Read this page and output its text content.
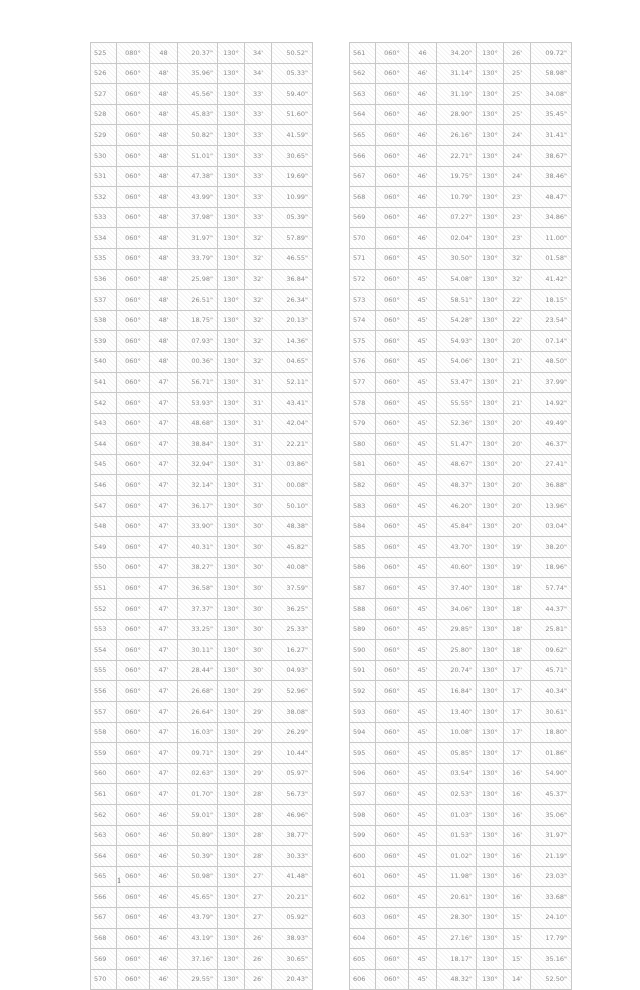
525	080°	48	20.37"	130°	34'	50.52"
526	060°	48'	35.96"	130°	34'	05.33"
527	060°	48'	45.56"	130°	33'	59.40"
528	060°	48'	45.83"	130°	33'	51.60"
529	060°	48'	50.82"	130°	33'	41.59"
530	060°	48'	51.01"	130°	33'	30.65"
531	060°	48'	47.38"	130°	33'	19.69"
532	060°	48'	43.99"	130°	33'	10.99"
533	060°	48'	37.98"	130°	33'	05.39"
534	060°	48'	31.97"	130°	32'	57.89"
535	060°	48'	33.79"	130°	32'	46.55"
536	060°	48'	25.98"	130°	32'	36.84"
537	060°	48'	26.51"	130°	32'	26.34"
538	060°	48'	18.75"	130°	32'	20.13"
539	060°	48'	07.93"	130°	32'	14.36"
540	060°	48'	00.36"	130°	32'	04.65"
541	060°	47'	56.71"	130°	31'	52.11"
542	060°	47'	53.93"	130°	31'	43.41"
543	060°	47'	48.68"	130°	31'	42.04"
544	060°	47'	38.84"	130°	31'	22.21"
545	060°	47'	32.94"	130°	31'	03.86"
546	060°	47'	32.14"	130°	31'	00.08"
547	060°	47'	36.17"	130°	30'	50.10"
548	060°	47'	33.90"	130°	30'	48.38"
549	060°	47'	40.31"	130°	30'	45.82"
550	060°	47'	38.27"	130°	30'	40.08"
551	060°	47'	36.58"	130°	30'	37.59"
552	060°	47'	37.37"	130°	30'	36.25"
553	060°	47'	33.25"	130°	30'	25.33"
554	060°	47'	30.11"	130°	30'	16.27"
555	060°	47'	28.44"	130°	30'	04.93"
556	060°	47'	26.68"	130°	29'	52.96"
557	060°	47'	26.64"	130°	29'	38.08"
558	060°	47'	16.03"	130°	29'	26.29"
559	060°	47'	09.71"	130°	29'	10.44"
560	060°	47'	02.63"	130°	29'	05.97"
561	060°	47'	01.70"	130°	28'	56.73"
562	060°	46'	59.01"	130°	28'	46.96"
563	060°	46'	50.89"	130°	28'	38.77"
564	060°	46'	50.39"	130°	28'	30.33"
565	060°	46'	50.98"	130°	27'	41.48"
566	060°	46'	45.65"	130°	27'	20.21"
567	060°	46'	43.79"	130°	27'	05.92"
568	060°	46'	43.19"	130°	26'	38.93"
569	060°	46'	37.16"	130°	26'	30.65"
570	060°	46'	29.55"	130°	26'	20.43"
561	060°	46	34.20"	130°	26'	09.72"
562	060°	46'	31.14"	130°	25'	58.98"
563	060°	46'	31.19"	130°	25'	34.08"
564	060°	46'	28.90"	130°	25'	35.45"
565	060°	46'	26.16"	130°	24'	31.41"
566	060°	46'	22.71"	130°	24'	38.67"
567	060°	46'	19.75"	130°	24'	38.46"
568	060°	46'	10.79"	130°	23'	48.47"
569	060°	46'	07.27"	130°	23'	34.86"
570	060°	46'	02.04"	130°	23'	11.00"
571	060°	45'	30.50"	130°	32'	01.58"
572	060°	45'	54.08"	130°	32'	41.42"
573	060°	45'	58.51"	130°	22'	18.15"
574	060°	45'	54.28"	130°	22'	23.54"
575	060°	45'	54.93"	130°	20'	07.14"
576	060°	45'	54.06"	130°	21'	48.50"
577	060°	45'	53.47"	130°	21'	37.99"
578	060°	45'	55.55"	130°	21'	14.92"
579	060°	45'	52.36"	130°	20'	49.49"
580	060°	45'	51.47"	130°	20'	46.37"
581	060°	45'	48.67"	130°	20'	27.41"
582	060°	45'	48.37"	130°	20'	36.88"
583	060°	45'	46.20"	130°	20'	13.96"
584	060°	45'	45.84"	130°	20'	03.04"
585	060°	45'	43.70"	130°	19'	38.20"
586	060°	45'	40.60"	130°	19'	18.96"
587	060°	45'	37.40"	130°	18'	57.74"
588	060°	45'	34.06"	130°	18'	44.37"
589	060°	45'	29.85"	130°	18'	25.81"
590	060°	45'	25.80"	130°	18'	09.62"
591	060°	45'	20.74"	130°	17'	45.71"
592	060°	45'	16.84"	130°	17'	40.34"
593	060°	45'	13.40"	130°	17'	30.61"
594	060°	45'	10.08"	130°	17'	18.80"
595	060°	45'	05.85"	130°	17'	01.86"
596	060°	45'	03.54"	130°	16'	54.90"
597	060°	45'	02.53"	130°	16'	45.37"
598	060°	45'	01.03"	130°	16'	35.06"
599	060°	45'	01.53"	130°	16'	31.97"
600	060°	45'	01.02"	130°	16'	21.19"
601	060°	45'	11.98"	130°	16'	23.03"
602	060°	45'	20.61"	130°	16'	33.68"
603	060°	45'	28.30"	130°	15'	24.10"
604	060°	45'	27.16"	130°	15'	17.79"
605	060°	45'	18.17"	130°	15'	35.16"
606	060°	45'	48.32"	130°	14'	52.50"
1
